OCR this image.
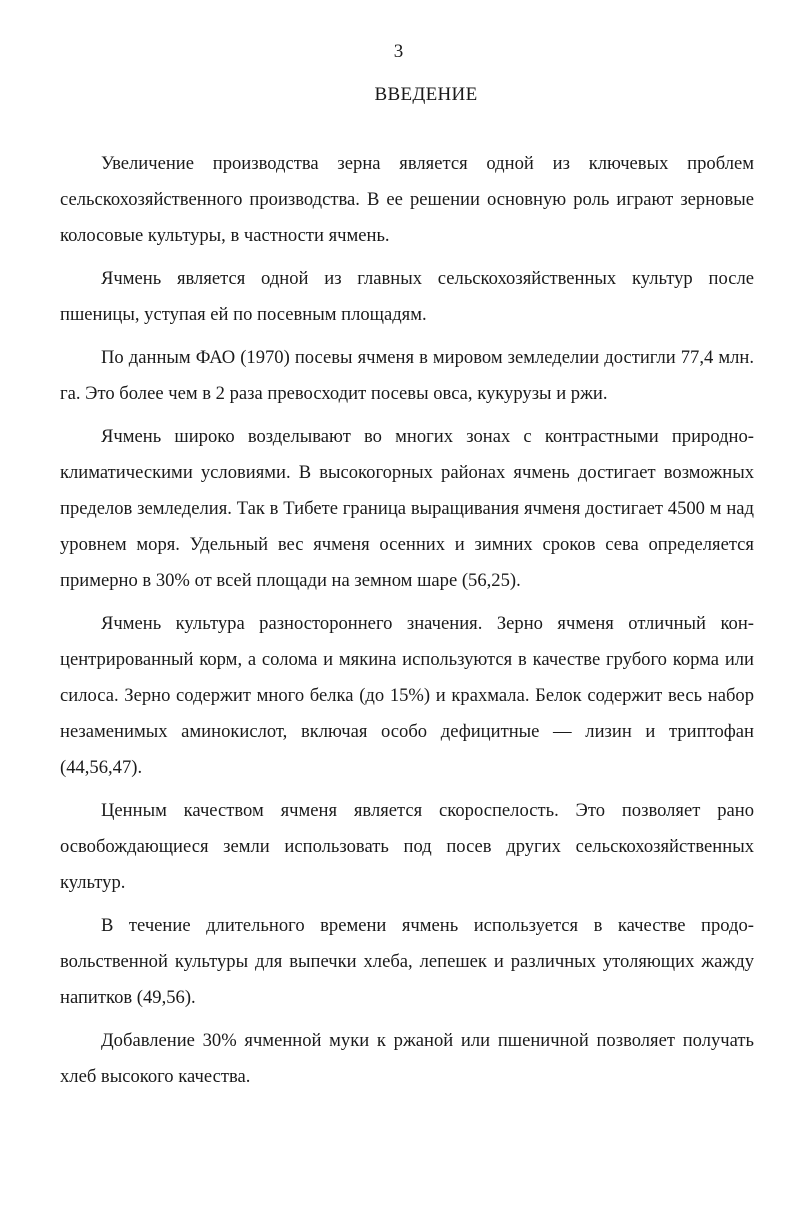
3
ВВЕДЕНИЕ

Увеличение производства зерна является одной из ключевых проблем сельскохозяйственного производства. В ее решении основную роль играют зерновые колосовые культуры, в частности ячмень.

Ячмень является одной из главных сельскохозяйственных культур после пшеницы, уступая ей по посевным площадям.

По данным ФАО (1970) посевы ячменя в мировом земледелии достигли 77,4 млн. га. Это более чем в 2 раза превосходит посевы овса, кукурузы и ржи.

Ячмень широко возделывают во многих зонах с контрастными природно-климатическими условиями. В высокогорных районах ячмень достигает возможных пределов земледелия. Так в Тибете граница выращивания ячменя достигает 4500 м над уровнем моря. Удельный вес ячменя осенних и зимних сроков сева определяется примерно в 30% от всей площади на земном шаре (56,25).

Ячмень культура разностороннего значения. Зерно ячменя отличный концентрированный корм, а солома и мякина используются в качестве грубого корма или силоса. Зерно содержит много белка (до 15%) и крахмала. Белок содержит весь набор незаменимых аминокислот, включая особо дефицитные — лизин и триптофан (44,56,47).

Ценным качеством ячменя является скороспелость. Это позволяет рано освобождающиеся земли использовать под посев других сельскохозяйственных культур.

В течение длительного времени ячмень используется в качестве продовольственной культуры для выпечки хлеба, лепешек и различных утоляющих жажду напитков (49,56).

Добавление 30% ячменной муки к ржаной или пшеничной позволяет получать хлеб высокого качества.
